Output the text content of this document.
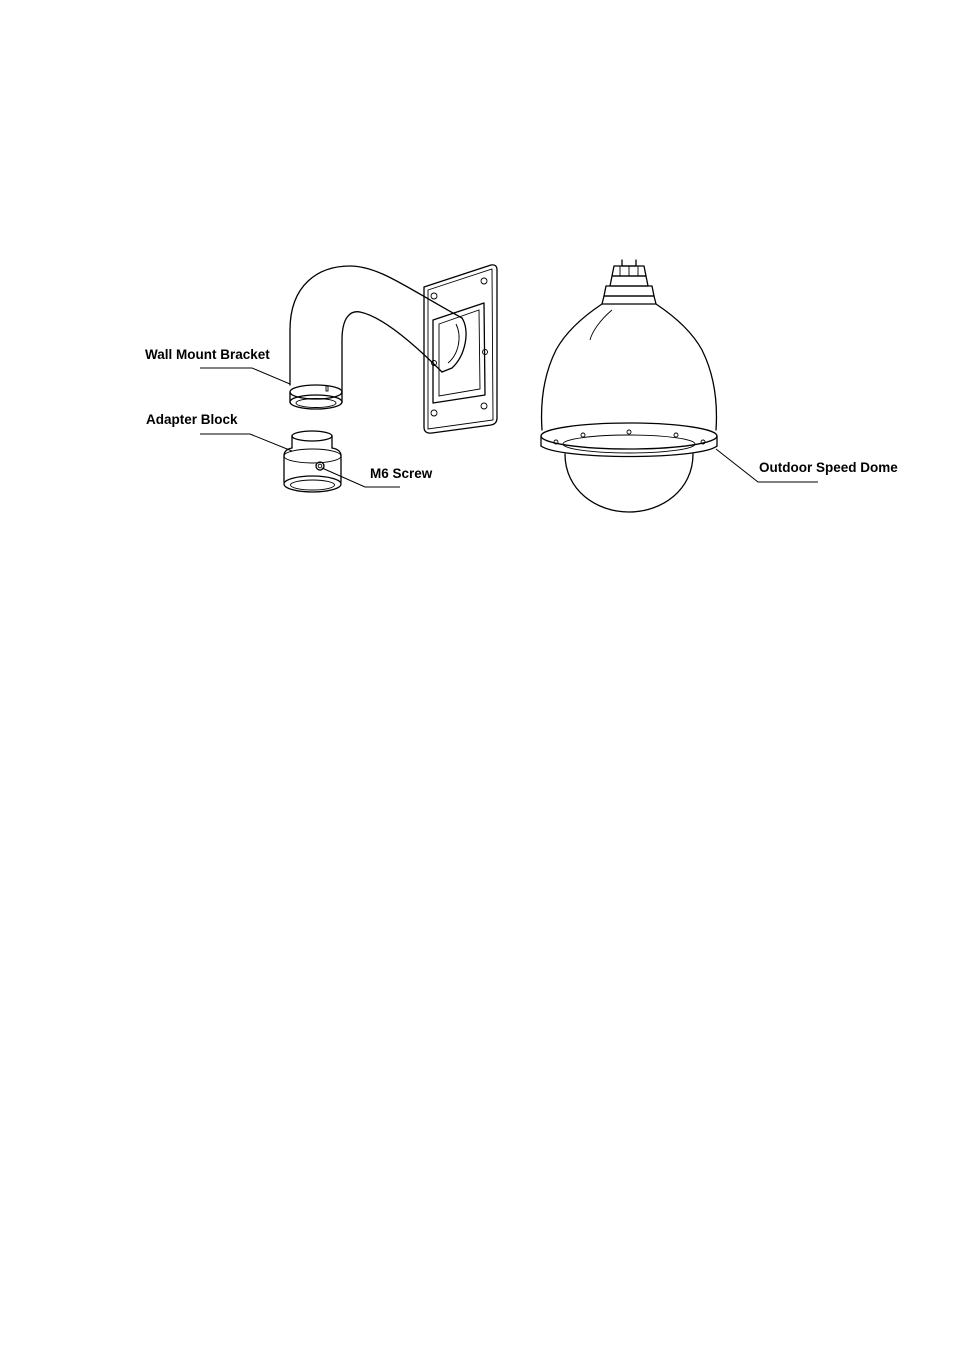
Wall Mount Bracket
Adapter Block
M6 Screw	Outdoor Speed Dome
